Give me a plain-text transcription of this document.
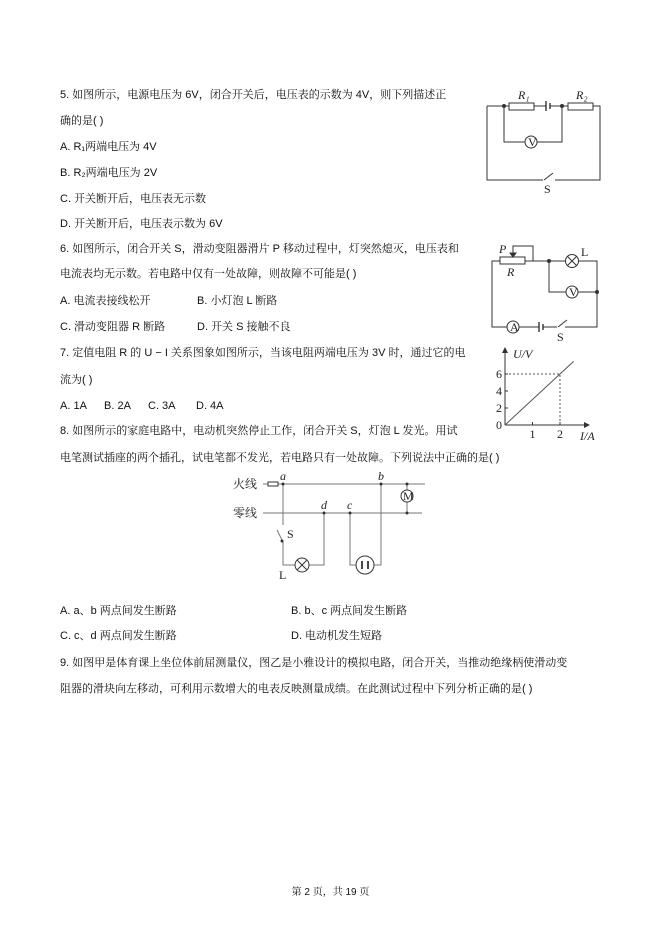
5. 如图所示，电源电压为 6V，闭合开关后，电压表的示数为 4V，则下列描述正
确的是( )
A. R₁两端电压为 4V
B. R₂两端电压为 2V
C. 开关断开后，电压表无示数
D. 开关断开后，电压表示数为 6V
6. 如图所示，闭合开关 S，滑动变阻器滑片 P 移动过程中，灯突然熄灭，电压表和
电流表均无示数。若电路中仅有一处故障，则故障不可能是( )
A. 电流表接线松开	B. 小灯泡 L 断路
C. 滑动变阻器 R 断路	D. 开关 S 接触不良
7. 定值电阻 R 的 U − I 关系图象如图所示，当该电阻两端电压为 3V 时，通过它的电
流为( )
A. 1A B. 2A C. 3A D. 4A
8. 如图所示的家庭电路中，电动机突然停止工作，闭合开关 S，灯泡 L 发光。用试
电笔测试插座的两个插孔，试电笔都不发光，若电路只有一处故障。下列说法中正确的是( )
A. a、b 两点间发生断路	B. b、c 两点间发生断路
C. c、d 两点间发生断路	D. 电动机发生短路
9. 如图甲是体育课上坐位体前屈测量仪，图乙是小雅设计的模拟电路，闭合开关，当推动绝缘柄使滑动变
阻器的滑块向左移动，可利用示数增大的电表反映测量成绩。在此测试过程中下列分析正确的是( )
R₁	R₂
V
S
P
R
L
V
A
S
1 2
0
2
4
6
U/V
I/A
火线
零线
a	b
c
d
S
L
M
第 2 页，共 19 页
